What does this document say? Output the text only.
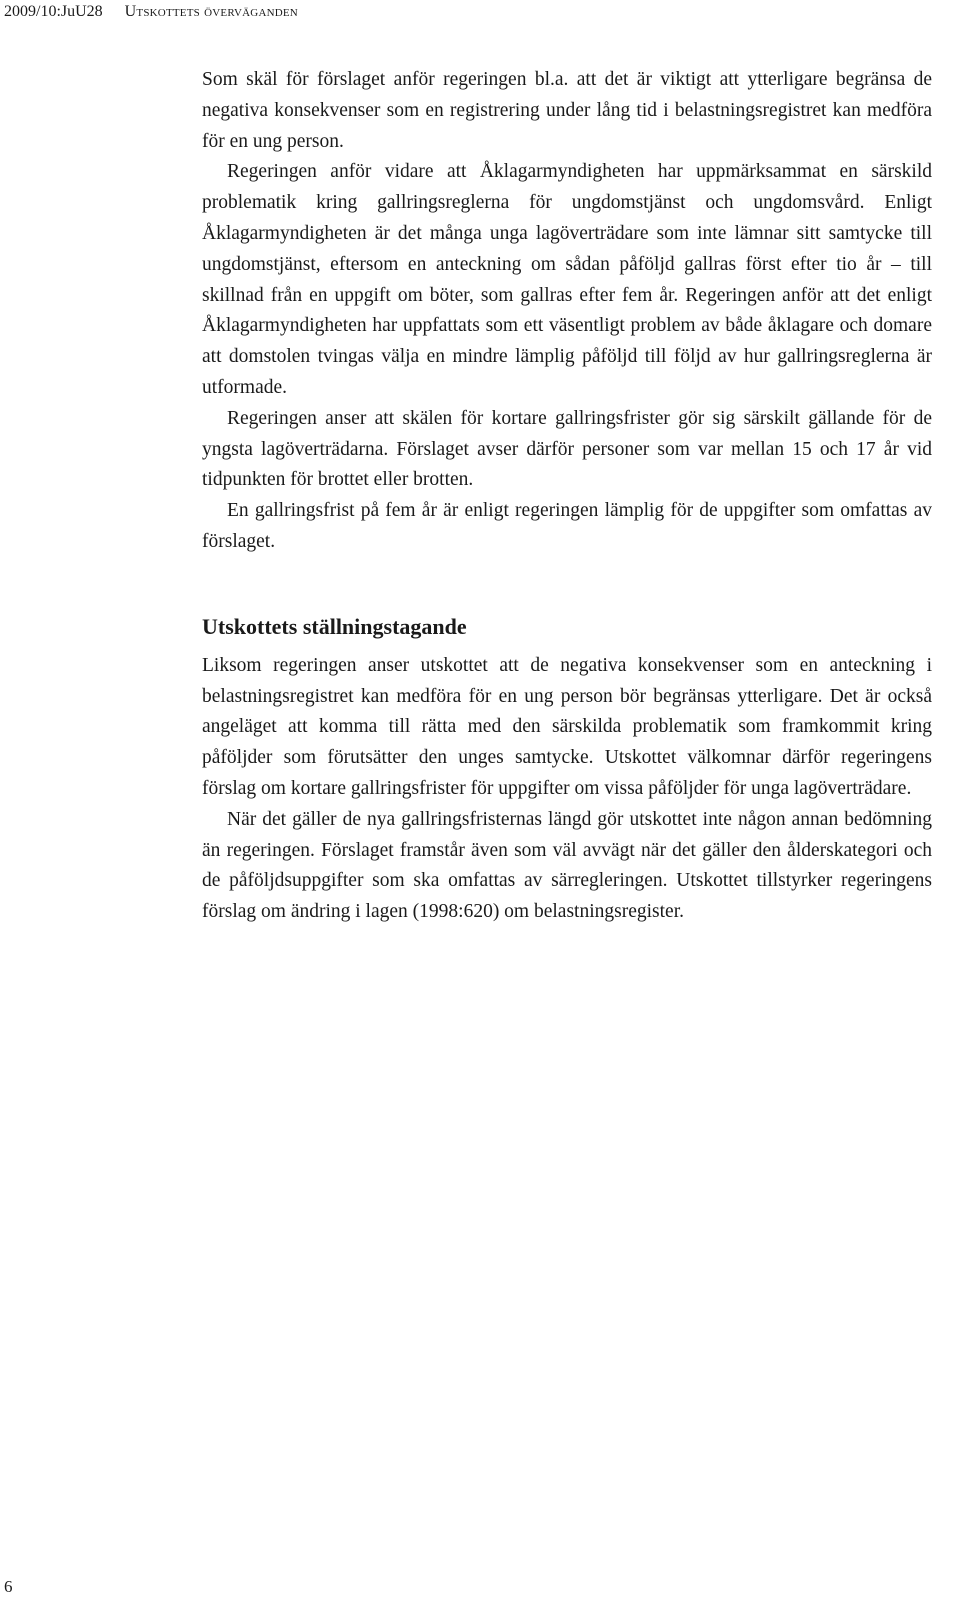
2009/10:JuU28 Utskottets överväganden

Som skäl för förslaget anför regeringen bl.a. att det är viktigt att ytterligare begränsa de negativa konsekvenser som en registrering under lång tid i belastningsregistret kan medföra för en ung person.

Regeringen anför vidare att Åklagarmyndigheten har uppmärksammat en särskild problematik kring gallringsreglerna för ungdomstjänst och ungdomsvård. Enligt Åklagarmyndigheten är det många unga lagöverträdare som inte lämnar sitt samtycke till ungdomstjänst, eftersom en anteckning om sådan påföljd gallras först efter tio år – till skillnad från en uppgift om böter, som gallras efter fem år. Regeringen anför att det enligt Åklagarmyndigheten har uppfattats som ett väsentligt problem av både åklagare och domare att domstolen tvingas välja en mindre lämplig påföljd till följd av hur gallringsreglerna är utformade.

Regeringen anser att skälen för kortare gallringsfrister gör sig särskilt gällande för de yngsta lagöverträdarna. Förslaget avser därför personer som var mellan 15 och 17 år vid tidpunkten för brottet eller brotten.

En gallringsfrist på fem år är enligt regeringen lämplig för de uppgifter som omfattas av förslaget.

Utskottets ställningstagande

Liksom regeringen anser utskottet att de negativa konsekvenser som en anteckning i belastningsregistret kan medföra för en ung person bör begränsas ytterligare. Det är också angeläget att komma till rätta med den särskilda problematik som framkommit kring påföljder som förutsätter den unges samtycke. Utskottet välkomnar därför regeringens förslag om kortare gallringsfrister för uppgifter om vissa påföljder för unga lagöverträdare.

När det gäller de nya gallringsfristernas längd gör utskottet inte någon annan bedömning än regeringen. Förslaget framstår även som väl avvägt när det gäller den ålderskategori och de påföljdsuppgifter som ska omfattas av särregleringen. Utskottet tillstyrker regeringens förslag om ändring i lagen (1998:620) om belastningsregister.

6
